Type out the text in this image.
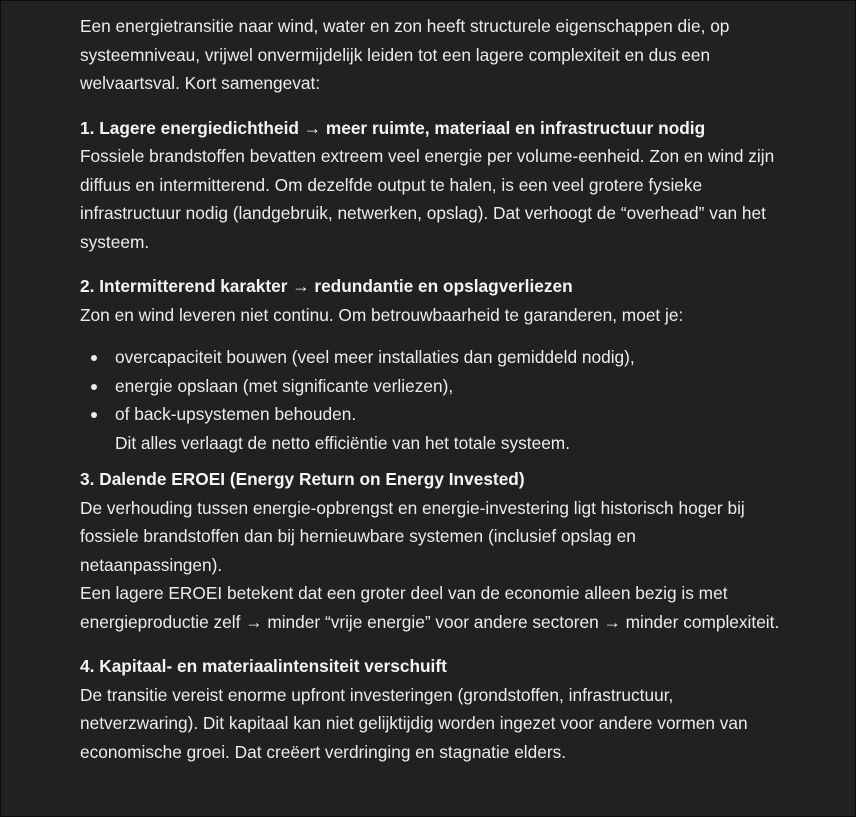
Een energietransitie naar wind, water en zon heeft structurele eigenschappen die, op systeemniveau, vrijwel onvermijdelijk leiden tot een lagere complexiteit en dus een welvaartsval. Kort samengevat:

1. Lagere energiedichtheid → meer ruimte, materiaal en infrastructuur nodig

Fossiele brandstoffen bevatten extreem veel energie per volume-eenheid. Zon en wind zijn diffuus en intermitterend. Om dezelfde output te halen, is een veel grotere fysieke infrastructuur nodig (landgebruik, netwerken, opslag). Dat verhoogt de “overhead” van het systeem.

2. Intermitterend karakter → redundantie en opslagverliezen

Zon en wind leveren niet continu. Om betrouwbaarheid te garanderen, moet je:

overcapaciteit bouwen (veel meer installaties dan gemiddeld nodig),
energie opslaan (met significante verliezen),
of back-upsystemen behouden.
Dit alles verlaagt de netto efficiëntie van het totale systeem.
3. Dalende EROEI (Energy Return on Energy Invested)

De verhouding tussen energie-opbrengst en energie-investering ligt historisch hoger bij fossiele brandstoffen dan bij hernieuwbare systemen (inclusief opslag en netaanpassingen).

Een lagere EROEI betekent dat een groter deel van de economie alleen bezig is met energieproductie zelf → minder “vrije energie” voor andere sectoren → minder complexiteit.

4. Kapitaal- en materiaalintensiteit verschuift

De transitie vereist enorme upfront investeringen (grondstoffen, infrastructuur, netverzwaring). Dit kapitaal kan niet gelijktijdig worden ingezet voor andere vormen van economische groei. Dat creëert verdringing en stagnatie elders.
